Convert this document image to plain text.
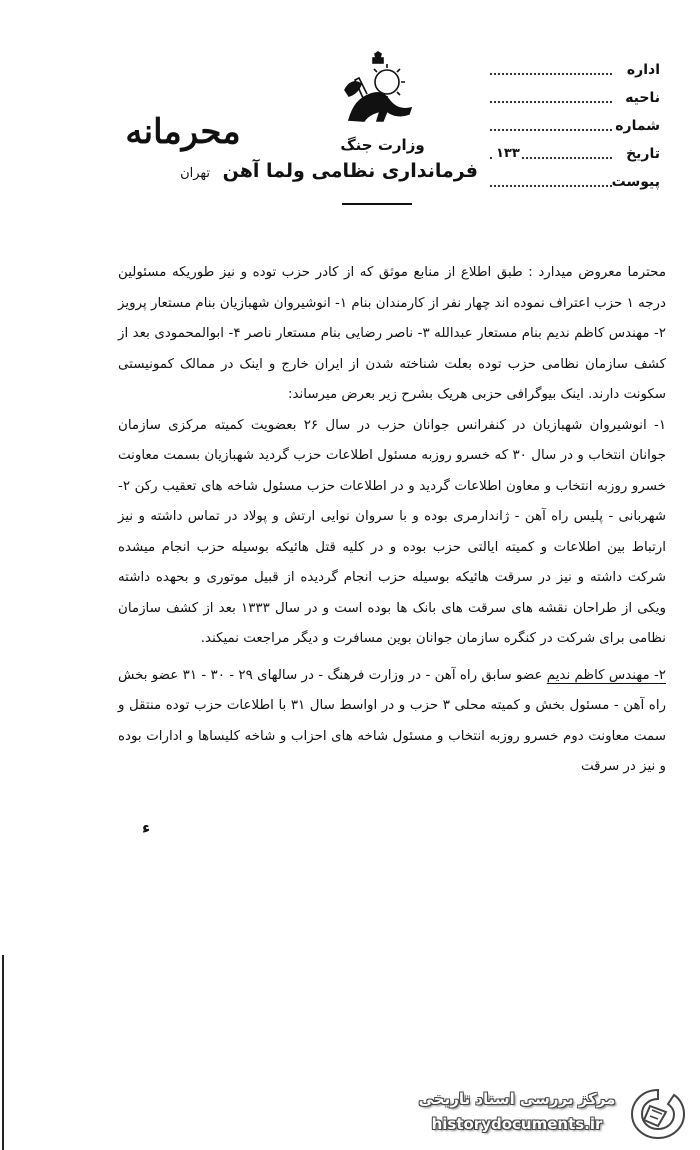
وزارت جنگ
فرمانداری نظامی ولما آهن تهران
محرمانه
اداره
ناحیه
شماره
تاریخ
۱۳۳
پیوست

محترما معروض میدارد : طبق اطلاع از منابع موثق که از کادر حزب توده و نیز طوریکه مسئولین درجه ۱ حزب اعتراف نموده اند چهار نفر از کارمندان بنام ۱- انوشیروان شهبازیان بنام مستعار پرویز ۲- مهندس کاظم ندیم بنام مستعار عبدالله ۳- ناصر رضایی بنام مستعار ناصر ۴- ابوالمحمودی بعد از کشف سازمان نظامی حزب توده بعلت شناخته شدن از ایران خارج و اینک در ممالک کمونیستی سکونت دارند. اینک بیوگرافی حزبی هریک بشرح زیر بعرض میرساند:

۱- انوشیروان شهبازیان در کنفرانس جوانان حزب در سال ۲۶ بعضویت کمیته مرکزی سازمان جوانان انتخاب و در سال ۳۰ که خسرو روزبه مسئول اطلاعات حزب گردید شهبازیان بسمت معاونت خسرو روزبه انتخاب و معاون اطلاعات گردید و در اطلاعات حزب مسئول شاخه های تعقیب رکن ۲- شهربانی - پلیس راه آهن - ژاندارمری بوده و با سروان نوایی ارتش و پولاد در تماس داشته و نیز ارتباط بین اطلاعات و کمیته ایالتی حزب بوده و در کلیه قتل هائیکه بوسیله حزب انجام میشده شرکت داشته و نیز در سرقت هائیکه بوسیله حزب انجام گردیده از قبیل موتوری و بحهده داشته ویکی از طراحان نقشه های سرقت های بانک ها بوده است و در سال ۱۳۳۳ بعد از کشف سازمان نظامی برای شرکت در کنگره سازمان جوانان بوین مسافرت و دیگر مراجعت نمیکند.

۲- مهندس کاظم ندیم عضو سابق راه آهن - در وزارت فرهنگ - در سالهای ۲۹ - ۳۰ - ۳۱ عضو بخش راه آهن - مسئول بخش و کمیته محلی ۳ حزب و در اواسط سال ۳۱ با اطلاعات حزب توده منتقل و سمت معاونت دوم خسرو روزبه انتخاب و مسئول شاخه های احزاب و شاخه کلیساها و ادارات بوده و نیز در سرقت

ء
مرکز بررسی اسناد تاریخی
historydocuments.ir
